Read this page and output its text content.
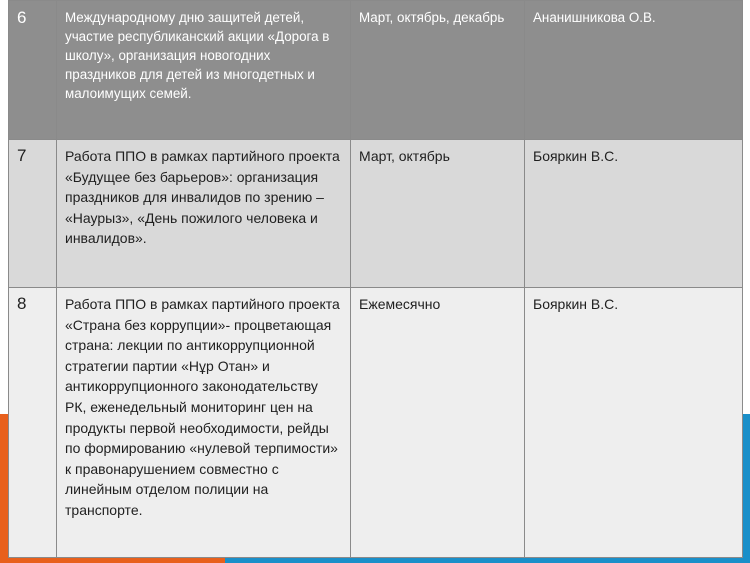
6	Международному дню защитей детей, участие республиканский акции «Дорога в школу», организация новогодних праздников для детей из многодетных и малоимущих семей.	Март, октябрь, декабрь	Ананишникова О.В.
7	Работа ППО в рамках партийного проекта «Будущее без барьеров»: организация праздников для инвалидов по зрению – «Наурыз», «День пожилого человека и инвалидов».	Март, октябрь	Бояркин В.С.
8	Работа ППО в рамках партийного проекта «Страна без коррупции»- процветающая страна: лекции по антикоррупционной стратегии партии «Нұр Отан» и антикоррупционного законодательству РК, еженедельный мониторинг цен на продукты первой необходимости, рейды по формированию «нулевой терпимости» к правонарушением совместно с линейным отделом полиции на транспорте.	Ежемесячно	Бояркин В.С.
